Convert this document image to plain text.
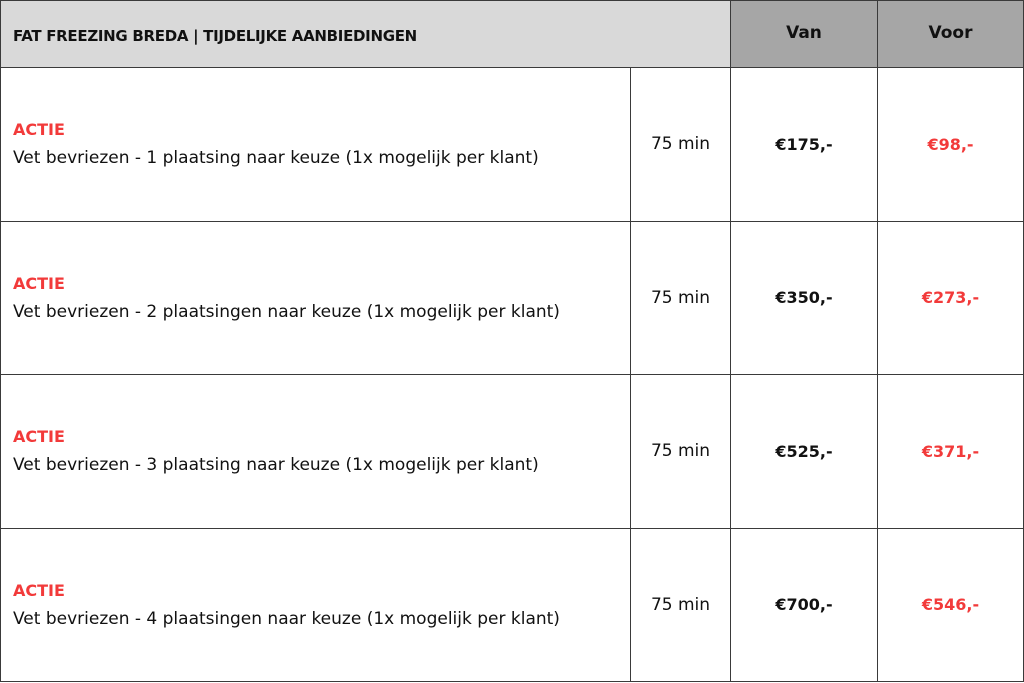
FAT FREEZING BREDA | TIJDELIJKE AANBIEDINGEN		Van	Voor

ACTIE
Vet bevriezen - 1 plaatsing naar keuze (1x mogelijk per klant)	75 min	€175,-	€98,-

ACTIE
Vet bevriezen - 2 plaatsingen naar keuze (1x mogelijk per klant)	75 min	€350,-	€273,-

ACTIE
Vet bevriezen - 3 plaatsing naar keuze (1x mogelijk per klant)	75 min	€525,-	€371,-

ACTIE
Vet bevriezen - 4 plaatsingen naar keuze (1x mogelijk per klant)	75 min	€700,-	€546,-
